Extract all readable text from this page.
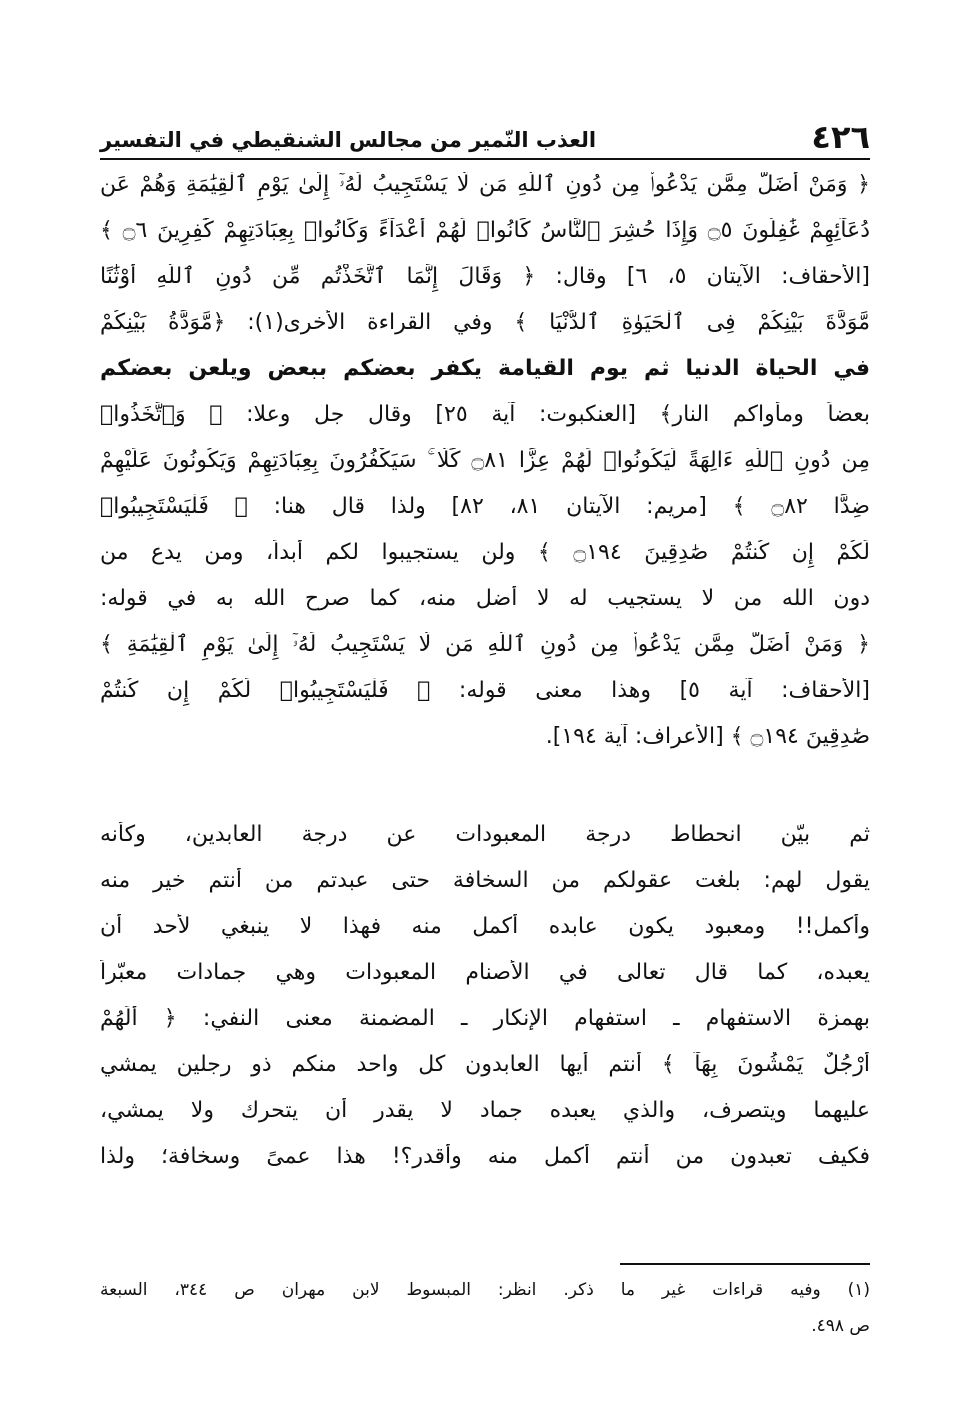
٤٢٦
العذب النّمير من مجالس الشنقيطي في التفسير
﴿ وَمَنْ أَضَلُّ مِمَّن يَدْعُوا۟ مِن دُونِ ٱللَّهِ مَن لَّا يَسْتَجِيبُ لَهُۥٓ إِلَىٰ يَوْمِ ٱلْقِيَٰمَةِ وَهُمْ عَن
دُعَآئِهِمْ غَٰفِلُونَ ۝٥ وَإِذَا حُشِرَ ٱلنَّاسُ كَانُوا۟ لَهُمْ أَعْدَآءً وَكَانُوا۟ بِعِبَادَتِهِمْ كَٰفِرِينَ ۝٦ ﴾
[الأحقاف: الآيتان ٥، ٦] وقال: ﴿ وَقَالَ إِنَّمَا ٱتَّخَذْتُم مِّن دُونِ ٱللَّهِ أَوْثَٰنًا
مَّوَدَّةَ بَيْنِكُمْ فِى ٱلْحَيَوٰةِ ٱلدُّنْيَا ﴾ وفي القراءة الأخرى(١): ﴿مَّوَدَّةُ بَيْنِكُمْ
في الحياة الدنيا ثم يوم القيامة يكفر بعضكم ببعض ويلعن بعضكم
بعضاً ومأواكم النار﴾ [العنكبوت: آية ٢٥] وقال جل وعلا: ﴿ وَٱتَّخَذُوا۟
مِن دُونِ ٱللَّهِ ءَالِهَةً لِّيَكُونُوا۟ لَهُمْ عِزًّا ۝٨١ كَلَّا ۚ سَيَكْفُرُونَ بِعِبَادَتِهِمْ وَيَكُونُونَ عَلَيْهِمْ
ضِدًّا ۝٨٢ ﴾ [مريم: الآيتان ٨١، ٨٢] ولذا قال هنا: ﴿ فَلْيَسْتَجِيبُوا۟
لَكُمْ إِن كُنتُمْ صَٰدِقِينَ ۝١٩٤ ﴾ ولن يستجيبوا لكم أبداً، ومن يدع من
دون الله من لا يستجيب له لا أضل منه، كما صرح الله به في قوله:
﴿ وَمَنْ أَضَلُّ مِمَّن يَدْعُوا۟ مِن دُونِ ٱللَّهِ مَن لَّا يَسْتَجِيبُ لَهُۥٓ إِلَىٰ يَوْمِ ٱلْقِيَٰمَةِ ﴾
[الأحقاف: آية ٥] وهذا معنى قوله: ﴿ فَلْيَسْتَجِيبُوا۟ لَكُمْ إِن كُنتُمْ
صَٰدِقِينَ ۝١٩٤ ﴾ [الأعراف: آية ١٩٤].
ثم بيّن انحطاط درجة المعبودات عن درجة العابدين، وكأنه
يقول لهم: بلغت عقولكم من السخافة حتى عبدتم من أنتم خير منه
وأكمل!! ومعبود يكون عابده أكمل منه فهذا لا ينبغي لأحد أن
يعبده، كما قال تعالى في الأصنام المعبودات وهي جمادات معبّراً
بهمزة الاستفهام ـ استفهام الإنكار ـ المضمنة معنى النفي: ﴿ أَلَهُمْ
أَرْجُلٌ يَمْشُونَ بِهَآ ﴾ أنتم أيها العابدون كل واحد منكم ذو رجلين يمشي
عليهما ويتصرف، والذي يعبده جماد لا يقدر أن يتحرك ولا يمشي،
فكيف تعبدون من أنتم أكمل منه وأقدر؟! هذا عمىً وسخافة؛ ولذا
(١) وفيه قراءات غير ما ذكر. انظر: المبسوط لابن مهران ص ٣٤٤، السبعة
ص ٤٩٨.
